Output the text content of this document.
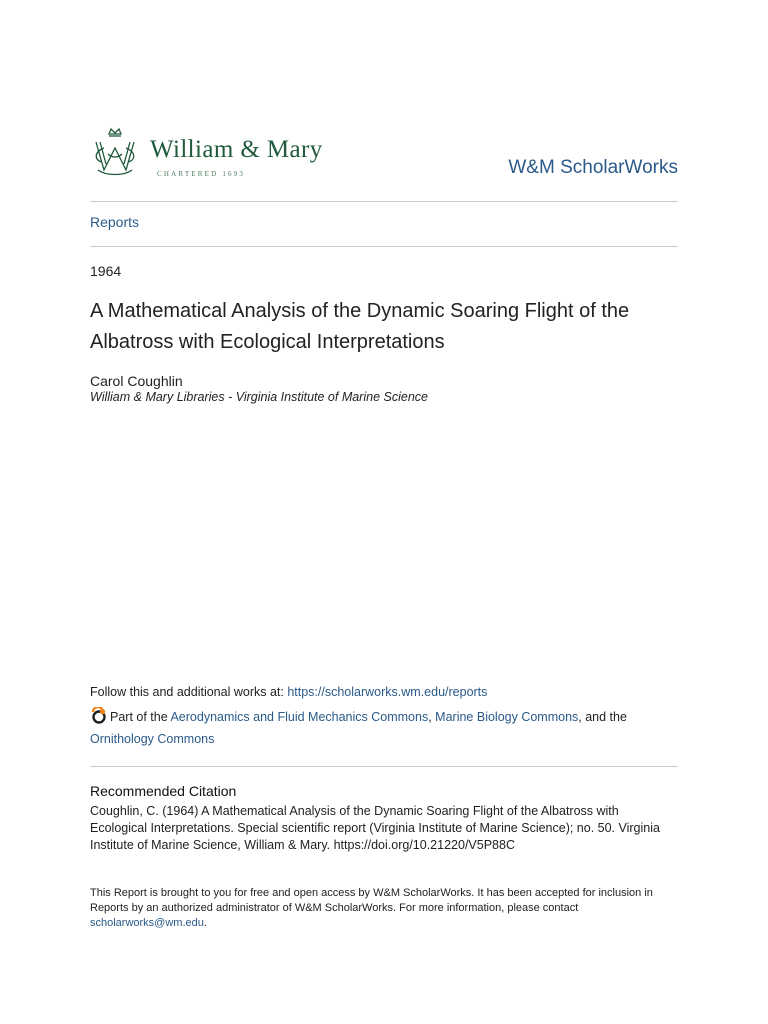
William & Mary
CHARTERED 1693	W&M ScholarWorks
Reports
1964
A Mathematical Analysis of the Dynamic Soaring Flight of the Albatross with Ecological Interpretations
Carol Coughlin
William & Mary Libraries - Virginia Institute of Marine Science
Follow this and additional works at: https://scholarworks.wm.edu/reports
Part of the Aerodynamics and Fluid Mechanics Commons, Marine Biology Commons, and the
Ornithology Commons
Recommended Citation
Coughlin, C. (1964) A Mathematical Analysis of the Dynamic Soaring Flight of the Albatross with Ecological Interpretations. Special scientific report (Virginia Institute of Marine Science); no. 50. Virginia Institute of Marine Science, William & Mary. https://doi.org/10.21220/V5P88C
This Report is brought to you for free and open access by W&M ScholarWorks. It has been accepted for inclusion in Reports by an authorized administrator of W&M ScholarWorks. For more information, please contact scholarworks@wm.edu.
